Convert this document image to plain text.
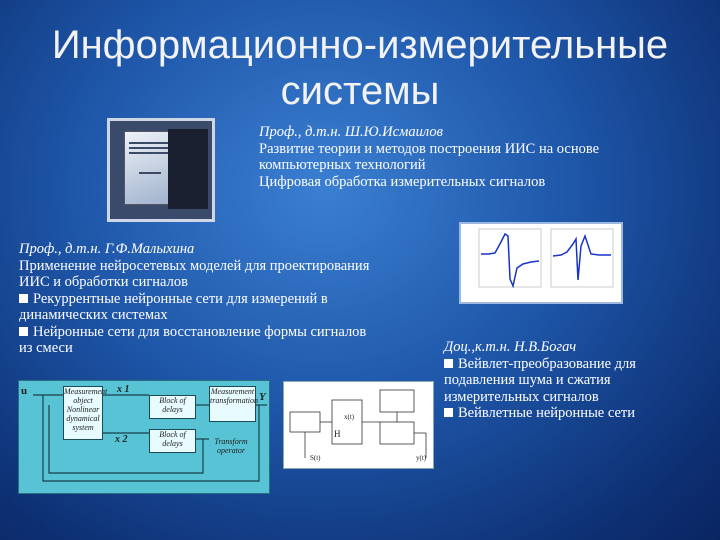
Информационно-измерительные системы
Проф., д.т.н. Ш.Ю.Исмаилов
Развитие теории и методов построения ИИС на основе компьютерных технологий
Цифровая обработка измерительных сигналов
Проф., д.т.н. Г.Ф.Малыхина
Применение нейросетевых моделей для проектирования ИИС и обработки сигналов
Рекуррентные нейронные сети для измерений в динамических системах
Нейронные сети для восстановление формы сигналов из смеси	Доц.,к.т.н. Н.В.Богач
Вейвлет-преобразование для подавления шума и сжатия измерительных сигналов
Вейвлетные нейронные сети
u	x 1
x 2
Y
Measurement object Nonlinear dynamical system
Block of delays
Block of delays
Measurement transformation
Transform operator
x(t)
H
S(t)	y(t)
